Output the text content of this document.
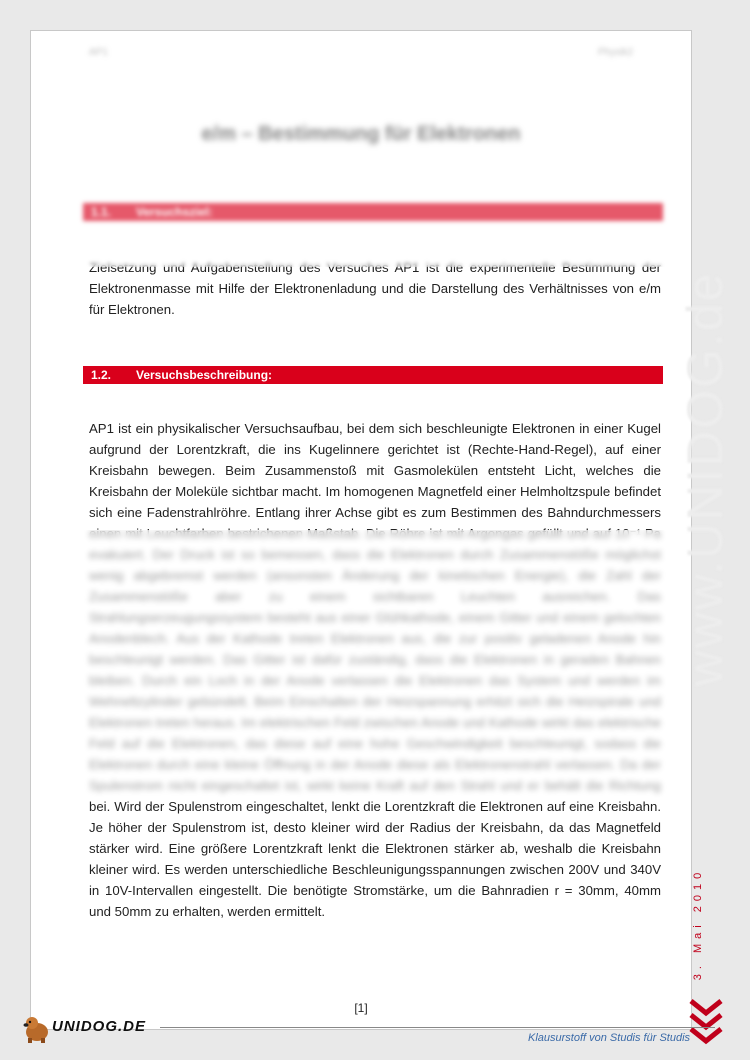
AP1	Physik2
e/m – Bestimmung für Elektronen
1.1. Versuchsziel:

Zielsetzung und Aufgabenstellung des Versuches AP1 ist die experimentelle Bestimmung der Elektronenmasse mit Hilfe der Elektronenladung und die Darstellung des Verhältnisses von e/m für Elektronen.

1.2. Versuchsbeschreibung:

AP1 ist ein physikalischer Versuchsaufbau, bei dem sich beschleunigte Elektronen in einer Kugel aufgrund der Lorentzkraft, die ins Kugelinnere gerichtet ist (Rechte-Hand-Regel), auf einer Kreisbahn bewegen. Beim Zusammenstoß mit Gasmolekülen entsteht Licht, welches die Kreisbahn der Moleküle sichtbar macht. Im homogenen Magnetfeld einer Helmholtzspule befindet sich eine Fadenstrahlröhre. Entlang ihrer Achse gibt es zum Bestimmen des Bahndurchmessers bei. Wird der Spulenstrom eingeschaltet, lenkt die Lorentzkraft die Elektronen auf eine Kreisbahn. Je höher der Spulenstrom ist, desto kleiner wird der Radius der Kreisbahn, da das Magnetfeld stärker wird. Eine größere Lorentzkraft lenkt die Elektronen stärker ab, weshalb die Kreisbahn kleiner wird. Es werden unterschiedliche Beschleunigungsspannungen zwischen 200V und 340V in 10V-Intervallen eingestellt. Die benötigte Stromstärke, um die Bahnradien r = 30mm, 40mm und 50mm zu erhalten, werden ermittelt.

[1]
www.UNIDOG.de
3. Mai 2010
UNIDOG.DE
Klausurstoff von Studis für Studis
